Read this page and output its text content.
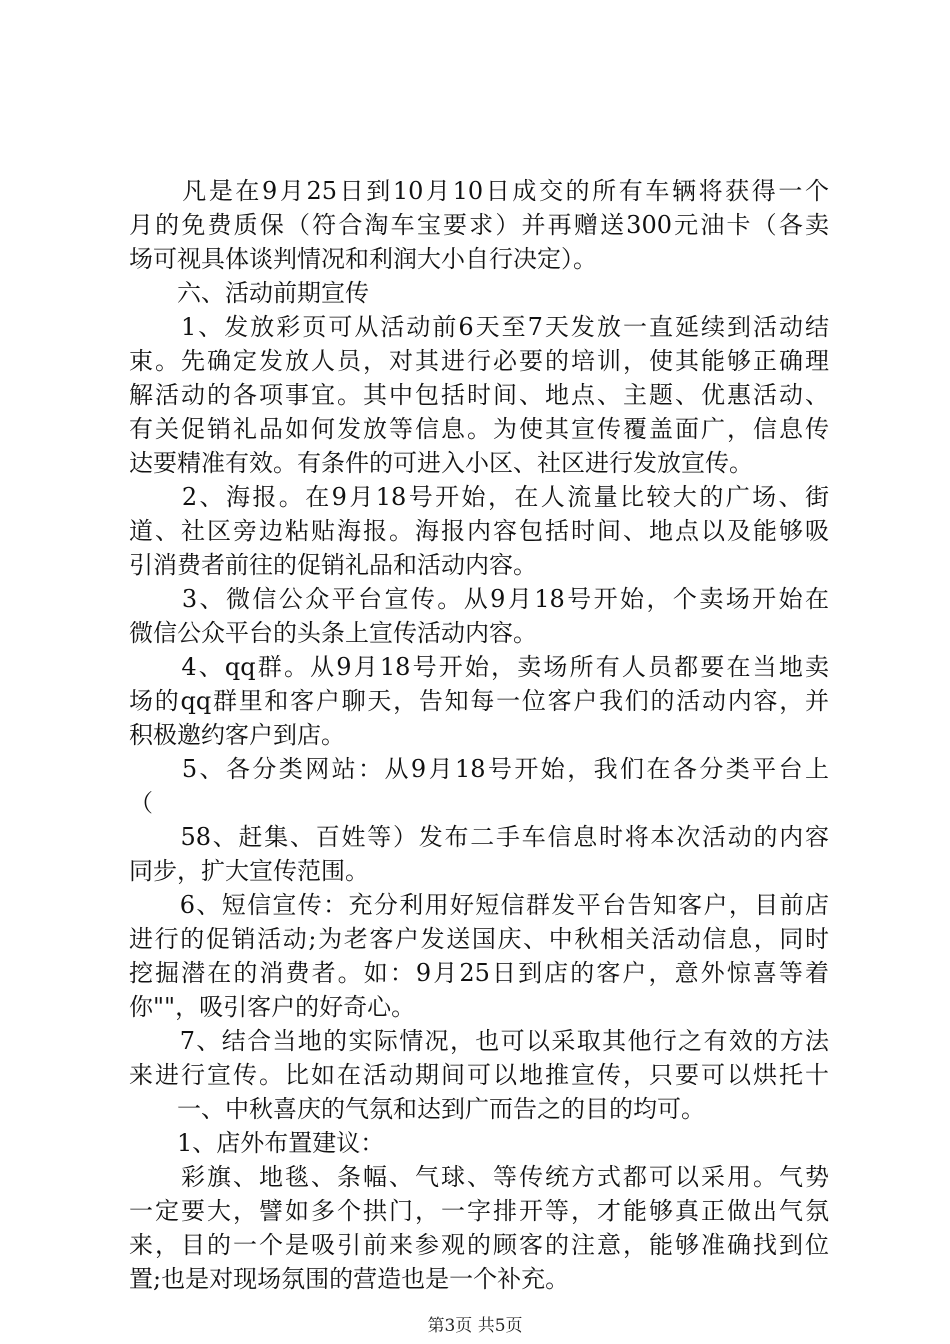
　　凡是在9月25日到10月10日成交的所有车辆将获得一个
月的免费质保（符合淘车宝要求）并再赠送300元油卡（各卖
场可视具体谈判情况和利润大小自行决定）。
　　六、活动前期宣传
　　1、发放彩页可从活动前6天至7天发放一直延续到活动结
束。先确定发放人员，对其进行必要的培训，使其能够正确理
解活动的各项事宜。其中包括时间、地点、主题、优惠活动、
有关促销礼品如何发放等信息。为使其宣传覆盖面广，信息传
达要精准有效。有条件的可进入小区、社区进行发放宣传。
　　2、海报。在9月18号开始，在人流量比较大的广场、街
道、社区旁边粘贴海报。海报内容包括时间、地点以及能够吸
引消费者前往的促销礼品和活动内容。
　　3、微信公众平台宣传。从9月18号开始，个卖场开始在
微信公众平台的头条上宣传活动内容。
　　4、qq群。从9月18号开始，卖场所有人员都要在当地卖
场的qq群里和客户聊天，告知每一位客户我们的活动内容，并
积极邀约客户到店。
　　5、各分类网站：从9月18号开始，我们在各分类平台上
（
　　58、赶集、百姓等）发布二手车信息时将本次活动的内容
同步，扩大宣传范围。
　　6、短信宣传：充分利用好短信群发平台告知客户，目前店
进行的促销活动;为老客户发送国庆、中秋相关活动信息，同时
挖掘潜在的消费者。如：9月25日到店的客户，意外惊喜等着
你""，吸引客户的好奇心。
　　7、结合当地的实际情况，也可以采取其他行之有效的方法
来进行宣传。比如在活动期间可以地推宣传，只要可以烘托十
　　一、中秋喜庆的气氛和达到广而告之的目的均可。
　　1、店外布置建议：
　　彩旗、地毯、条幅、气球、等传统方式都可以采用。气势
一定要大，譬如多个拱门，一字排开等，才能够真正做出气氛
来，目的一个是吸引前来参观的顾客的注意，能够准确找到位
置;也是对现场氛围的营造也是一个补充。
第3页 共5页
